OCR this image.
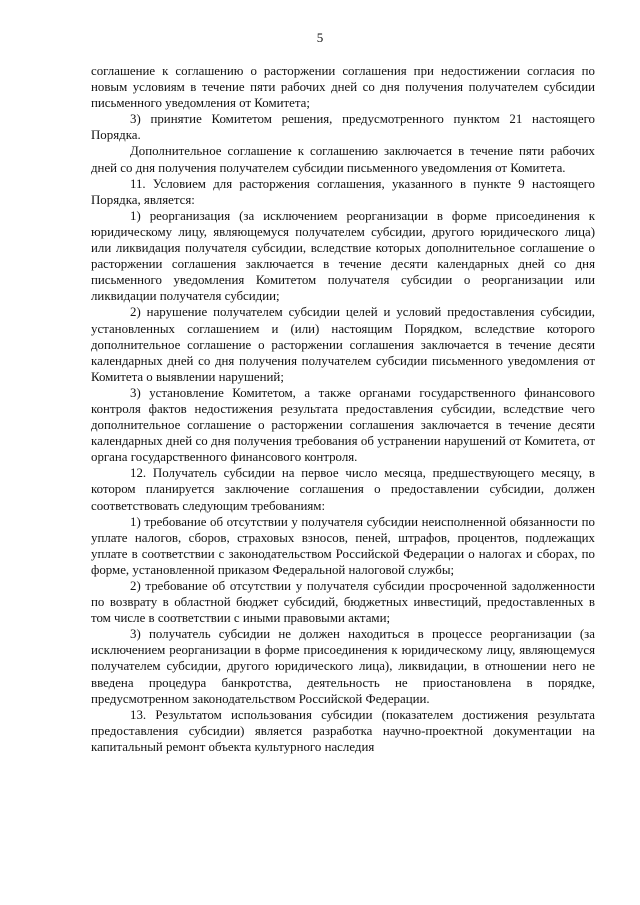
5

соглашение к соглашению о расторжении соглашения при недостижении согласия по новым условиям в течение пяти рабочих дней со дня получения получателем субсидии письменного уведомления от Комитета;

3) принятие Комитетом решения, предусмотренного пунктом 21 настоящего Порядка.

Дополнительное соглашение к соглашению заключается в течение пяти рабочих дней со дня получения получателем субсидии письменного уведомления от Комитета.

11. Условием для расторжения соглашения, указанного в пункте 9 настоящего Порядка, является:

1) реорганизация (за исключением реорганизации в форме присоединения к юридическому лицу, являющемуся получателем субсидии, другого юридического лица) или ликвидация получателя субсидии, вследствие которых дополнительное соглашение о расторжении соглашения заключается в течение десяти календарных дней со дня письменного уведомления Комитетом получателя субсидии о реорганизации или ликвидации получателя субсидии;

2) нарушение получателем субсидии целей и условий предоставления субсидии, установленных соглашением и (или) настоящим Порядком, вследствие которого дополнительное соглашение о расторжении соглашения заключается в течение десяти календарных дней со дня получения получателем субсидии письменного уведомления от Комитета о выявлении нарушений;

3) установление Комитетом, а также органами государственного финансового контроля фактов недостижения результата предоставления субсидии, вследствие чего дополнительное соглашение о расторжении соглашения заключается в течение десяти календарных дней со дня получения требования об устранении нарушений от Комитета, от органа государственного финансового контроля.

12. Получатель субсидии на первое число месяца, предшествующего месяцу, в котором планируется заключение соглашения о предоставлении субсидии, должен соответствовать следующим требованиям:

1) требование об отсутствии у получателя субсидии неисполненной обязанности по уплате налогов, сборов, страховых взносов, пеней, штрафов, процентов, подлежащих уплате в соответствии с законодательством Российской Федерации о налогах и сборах, по форме, установленной приказом Федеральной налоговой службы;

2) требование об отсутствии у получателя субсидии просроченной задолженности по возврату в областной бюджет субсидий, бюджетных инвестиций, предоставленных в том числе в соответствии с иными правовыми актами;

3) получатель субсидии не должен находиться в процессе реорганизации (за исключением реорганизации в форме присоединения к юридическому лицу, являющемуся получателем субсидии, другого юридического лица), ликвидации, в отношении него не введена процедура банкротства, деятельность не приостановлена в порядке, предусмотренном законодательством Российской Федерации.

13. Результатом использования субсидии (показателем достижения результата предоставления субсидии) является разработка научно-проектной документации на капитальный ремонт объекта культурного наследия
